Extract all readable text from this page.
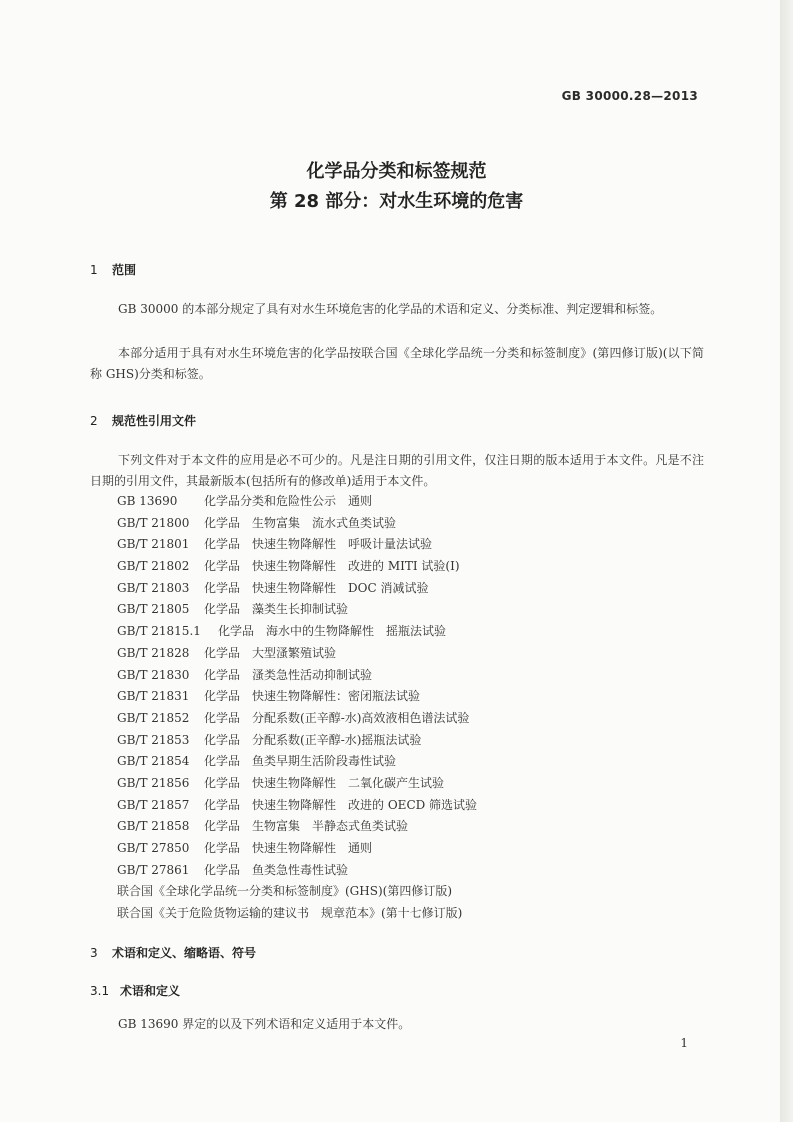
GB 30000.28—2013
化学品分类和标签规范
第 28 部分：对水生环境的危害
1 范围
GB 30000 的本部分规定了具有对水生环境危害的化学品的术语和定义、分类标准、判定逻辑和标签。
本部分适用于具有对水生环境危害的化学品按联合国《全球化学品统一分类和标签制度》(第四修订版)(以下简称 GHS)分类和标签。
2 规范性引用文件
下列文件对于本文件的应用是必不可少的。凡是注日期的引用文件，仅注日期的版本适用于本文件。凡是不注日期的引用文件，其最新版本(包括所有的修改单)适用于本文件。
GB 13690 化学品分类和危险性公示 通则
GB/T 21800 化学品 生物富集 流水式鱼类试验
GB/T 21801 化学品 快速生物降解性 呼吸计量法试验
GB/T 21802 化学品 快速生物降解性 改进的 MITI 试验(I)
GB/T 21803 化学品 快速生物降解性 DOC 消减试验
GB/T 21805 化学品 藻类生长抑制试验
GB/T 21815.1 化学品 海水中的生物降解性 摇瓶法试验
GB/T 21828 化学品 大型溞繁殖试验
GB/T 21830 化学品 溞类急性活动抑制试验
GB/T 21831 化学品 快速生物降解性：密闭瓶法试验
GB/T 21852 化学品 分配系数(正辛醇-水)高效液相色谱法试验
GB/T 21853 化学品 分配系数(正辛醇-水)摇瓶法试验
GB/T 21854 化学品 鱼类早期生活阶段毒性试验
GB/T 21856 化学品 快速生物降解性 二氧化碳产生试验
GB/T 21857 化学品 快速生物降解性 改进的 OECD 筛选试验
GB/T 21858 化学品 生物富集 半静态式鱼类试验
GB/T 27850 化学品 快速生物降解性 通则
GB/T 27861 化学品 鱼类急性毒性试验
联合国《全球化学品统一分类和标签制度》(GHS)(第四修订版)
联合国《关于危险货物运输的建议书　规章范本》(第十七修订版)
3 术语和定义、缩略语、符号
3.1 术语和定义
GB 13690 界定的以及下列术语和定义适用于本文件。
1
